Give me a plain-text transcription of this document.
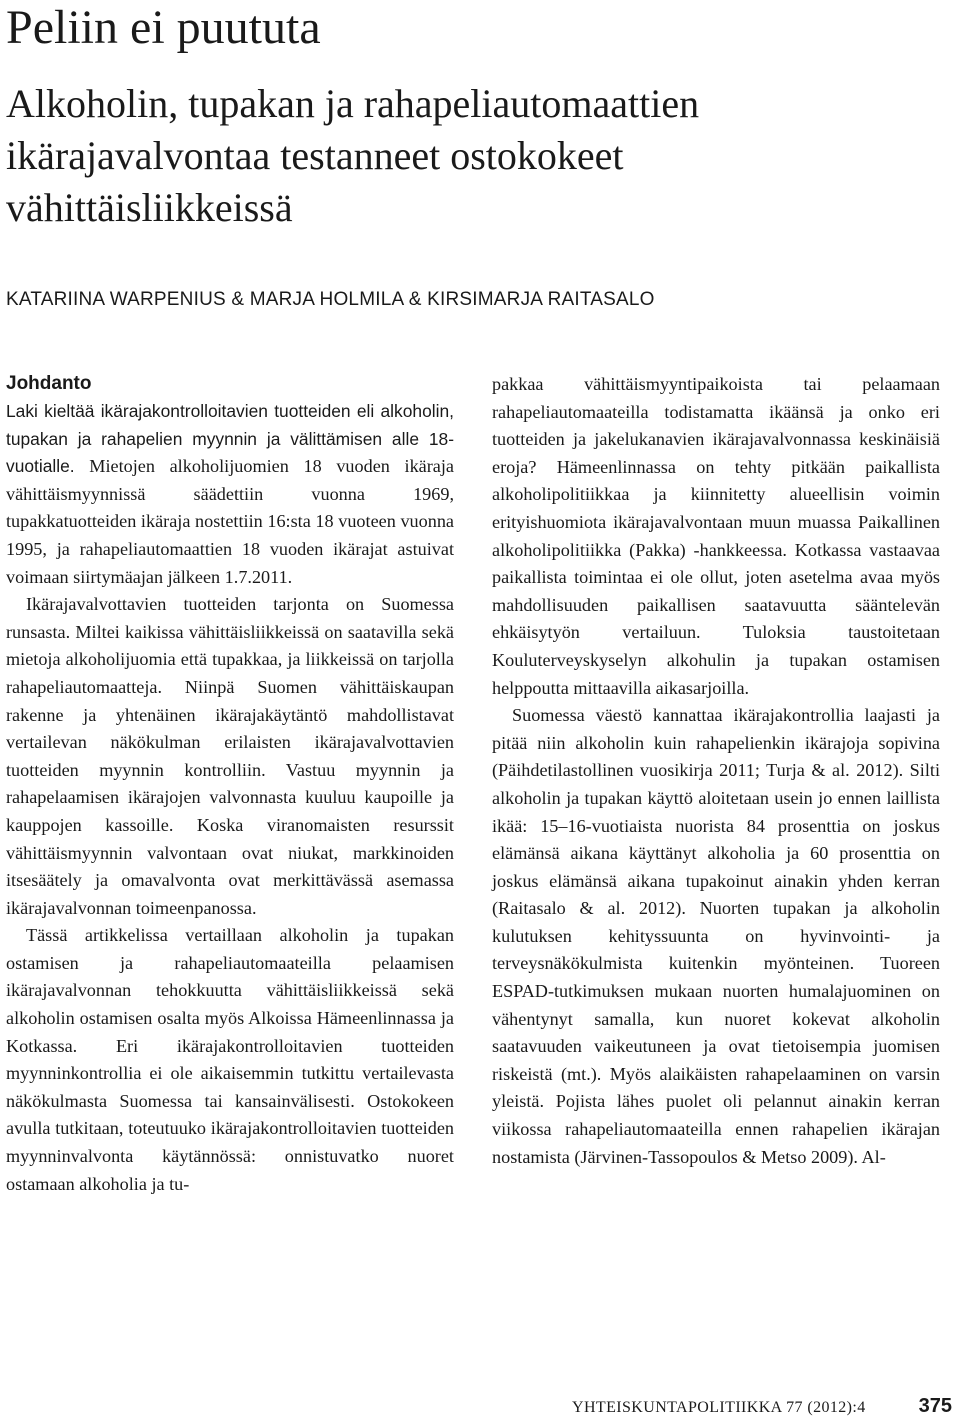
Peliin ei puututa
Alkoholin, tupakan ja rahapeliautomaattien
ikärajavalvontaa testanneet ostokokeet
vähittäisliikkeissä
KATARIINA WARPENIUS & MARJA HOLMILA & KIRSIMARJA RAITASALO
Johdanto

Laki kieltää ikärajakontrolloitavien tuotteiden eli alkoholin, tupakan ja rahapelien myynnin ja välittämisen alle 18-vuotialle. Mietojen alkoholijuomien 18 vuoden ikäraja vähittäismyynnissä säädettiin vuonna 1969, tupakkatuotteiden ikäraja nostettiin 16:sta 18 vuoteen vuonna 1995, ja rahapeliautomaattien 18 vuoden ikärajat astuivat voimaan siirtymäajan jälkeen 1.7.2011.

Ikärajavalvottavien tuotteiden tarjonta on Suomessa runsasta. Miltei kaikissa vähittäisliikkeissä on saatavilla sekä mietoja alkoholijuomia että tupakkaa, ja liikkeissä on tarjolla rahapeliautomaatteja. Niinpä Suomen vähittäiskaupan rakenne ja yhtenäinen ikärajakäytäntö mahdollistavat vertailevan näkökulman erilaisten ikärajavalvottavien tuotteiden myynnin kontrolliin. Vastuu myynnin ja rahapelaamisen ikärajojen valvonnasta kuuluu kaupoille ja kauppojen kassoille. Koska viranomaisten resurssit vähittäismyynnin valvontaan ovat niukat, markkinoiden itsesäätely ja omavalvonta ovat merkittävässä asemassa ikärajavalvonnan toimeenpanossa.

Tässä artikkelissa vertaillaan alkoholin ja tupakan ostamisen ja rahapeliautomaateilla pelaamisen ikärajavalvonnan tehokkuutta vähittäisliikkeissä sekä alkoholin ostamisen osalta myös Alkoissa Hämeenlinnassa ja Kotkassa. Eri ikärajakontrolloitavien tuotteiden myynninkontrollia ei ole aikaisemmin tutkittu vertailevasta näkökulmasta Suomessa tai kansainvälisesti. Ostokokeen avulla tutkitaan, toteutuuko ikärajakontrolloitavien tuotteiden myynninvalvonta käytännössä: onnistuvatko nuoret ostamaan alkoholia ja tu-

pakkaa vähittäismyyntipaikoista tai pelaamaan rahapeliautomaateilla todistamatta ikäänsä ja onko eri tuotteiden ja jakelukanavien ikärajavalvonnassa keskinäisiä eroja? Hämeenlinnassa on tehty pitkään paikallista alkoholipolitiikkaa ja kiinnitetty alueellisin voimin erityishuomiota ikärajavalvontaan muun muassa Paikallinen alkoholipolitiikka (Pakka) -hankkeessa. Kotkassa vastaavaa paikallista toimintaa ei ole ollut, joten asetelma avaa myös mahdollisuuden paikallisen saatavuutta sääntelevän ehkäisytyön vertailuun. Tuloksia taustoitetaan Kouluterveyskyselyn alkohulin ja tupakan ostamisen helppoutta mittaavilla aikasarjoilla.

Suomessa väestö kannattaa ikärajakontrollia laajasti ja pitää niin alkoholin kuin rahapelienkin ikärajoja sopivina (Päihdetilastollinen vuosikirja 2011; Turja & al. 2012). Silti alkoholin ja tupakan käyttö aloitetaan usein jo ennen laillista ikää: 15–16-vuotiaista nuorista 84 prosenttia on joskus elämänsä aikana käyttänyt alkoholia ja 60 prosenttia on joskus elämänsä aikana tupakoinut ainakin yhden kerran (Raitasalo & al. 2012). Nuorten tupakan ja alkoholin kulutuksen kehityssuunta on hyvinvointi- ja terveysnäkökulmista kuitenkin myönteinen. Tuoreen ESPAD-tutkimuksen mukaan nuorten humalajuominen on vähentynyt samalla, kun nuoret kokevat alkoholin saatavuuden vaikeutuneen ja ovat tietoisempia juomisen riskeistä (mt.). Myös alaikäisten rahapelaaminen on varsin yleistä. Pojista lähes puolet oli pelannut ainakin kerran viikossa rahapeliautomaateilla ennen rahapelien ikärajan nostamista (Järvinen-Tassopoulos & Metso 2009). Al-

YHTEISKUNTAPOLITIIKKA 77 (2012):4	375
